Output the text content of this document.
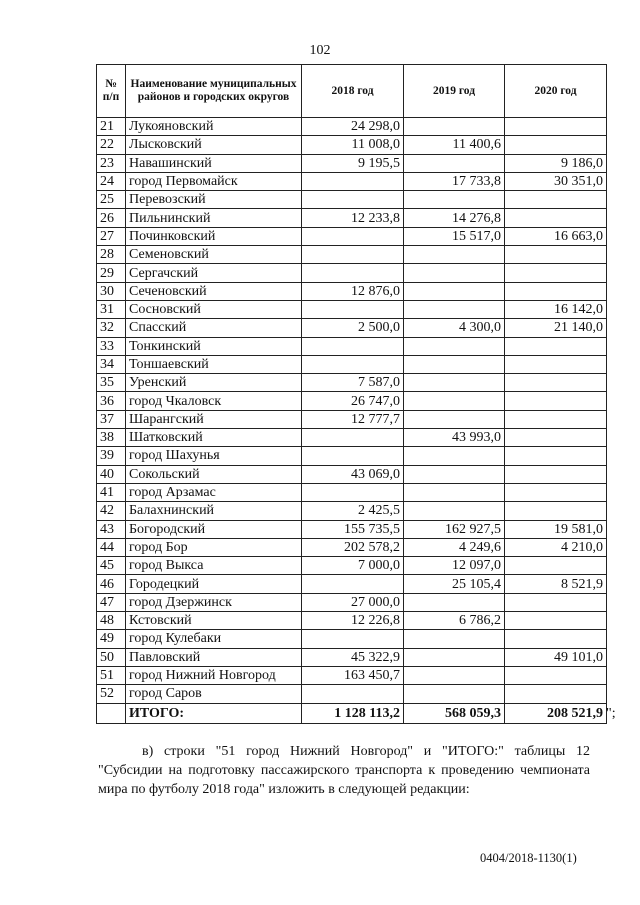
102
№ п/п	Наименование муниципальных районов и городских округов	2018 год	2019 год	2020 год
21	Лукояновский	24 298,0		
22	Лысковский	11 008,0	11 400,6	
23	Навашинский	9 195,5		9 186,0
24	город Первомайск		17 733,8	30 351,0
25	Перевозский			
26	Пильнинский	12 233,8	14 276,8	
27	Починковский		15 517,0	16 663,0
28	Семеновский			
29	Сергачский			
30	Сеченовский	12 876,0		
31	Сосновский			16 142,0
32	Спасский	2 500,0	4 300,0	21 140,0
33	Тонкинский			
34	Тоншаевский			
35	Уренский	7 587,0		
36	город Чкаловск	26 747,0		
37	Шарангский	12 777,7		
38	Шатковский		43 993,0	
39	город Шахунья			
40	Сокольский	43 069,0		
41	город Арзамас			
42	Балахнинский	2 425,5		
43	Богородский	155 735,5	162 927,5	19 581,0
44	город Бор	202 578,2	4 249,6	4 210,0
45	город Выкса	7 000,0	12 097,0	
46	Городецкий		25 105,4	8 521,9
47	город Дзержинск	27 000,0		
48	Кстовский	12 226,8	6 786,2	
49	город Кулебаки			
50	Павловский	45 322,9		49 101,0
51	город Нижний Новгород	163 450,7		
52	город Саров			
	ИТОГО:	1 128 113,2	568 059,3	208 521,9 ";
в) строки "51 город Нижний Новгород" и "ИТОГО:" таблицы 12 "Субсидии на подготовку пассажирского транспорта к проведению чемпионата мира по футболу 2018 года" изложить в следующей редакции:
0404/2018-1130(1)
